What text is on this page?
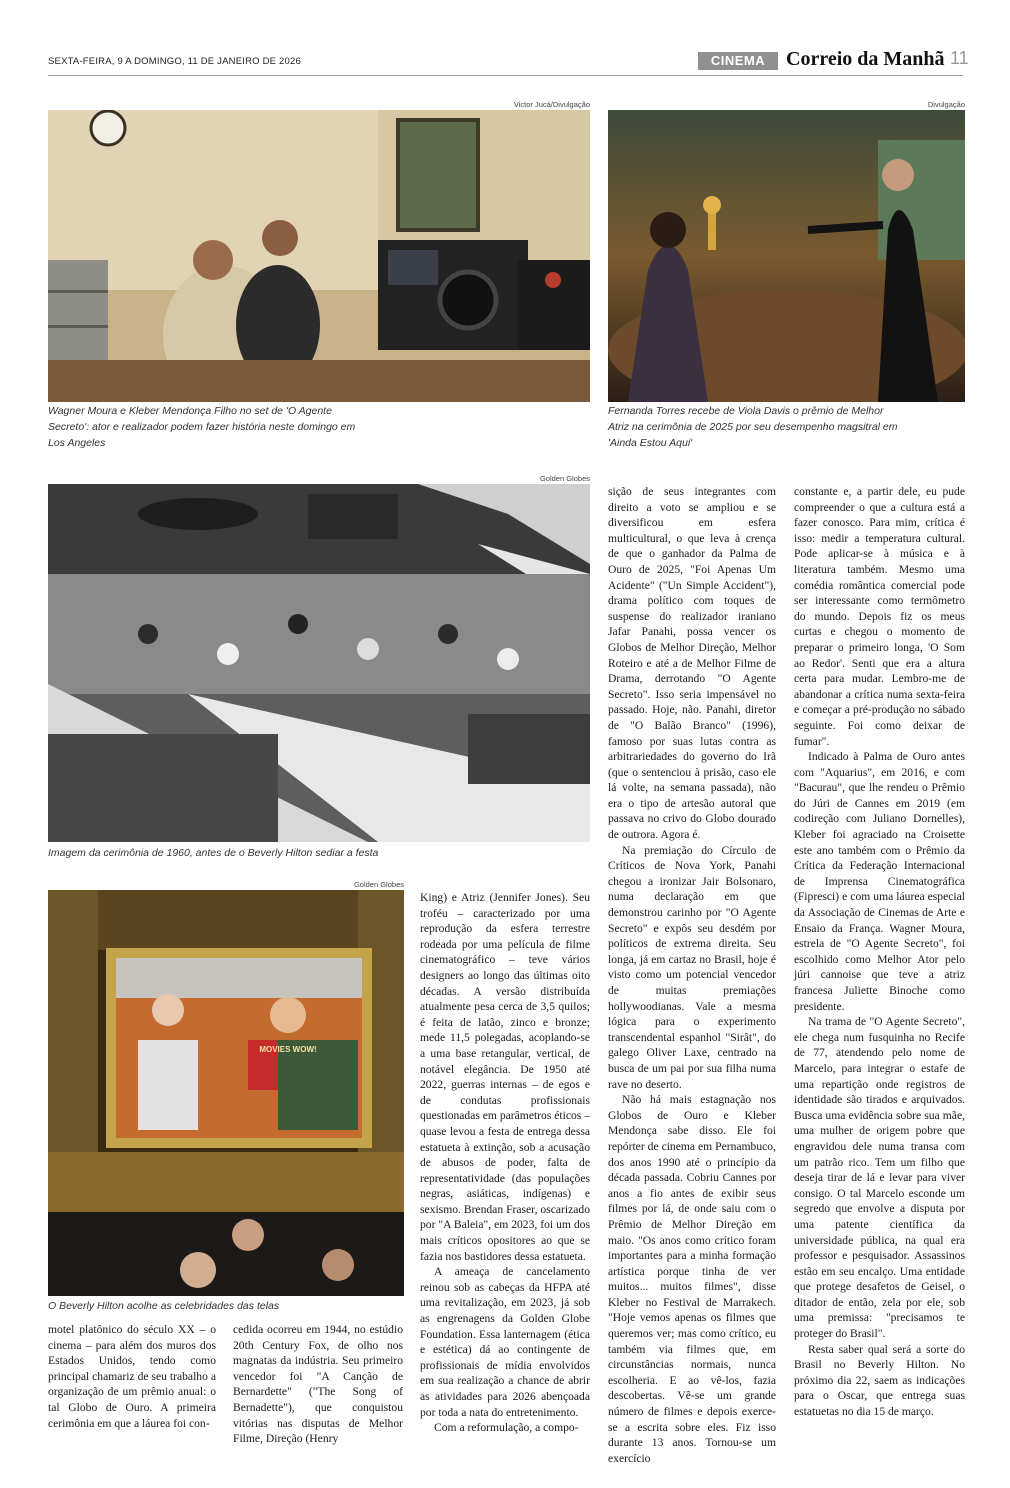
SEXTA-FEIRA, 9 A DOMINGO, 11 DE JANEIRO DE 2026	CINEMA	Correio da Manhã 11
Victor Jucá/Divulgação
Wagner Moura e Kleber Mendonça Filho no set de 'O Agente Secreto': ator e realizador podem fazer história neste domingo em Los Angeles
Divulgação
Fernanda Torres recebe de Viola Davis o prêmio de Melhor Atriz na cerimônia de 2025 por seu desempenho magsitral em 'Ainda Estou Aqui'
Golden Globes
Imagem da cerimônia de 1960, antes de o Beverly Hilton sediar a festa
Golden Globes
MOVIES WOW!
O Beverly Hilton acolhe as celebridades das telas

motel platônico do século XX – o cinema – para além dos muros dos Estados Unidos, tendo como principal chamariz de seu trabalho a organização de um prêmio anual: o tal Globo de Ouro. A primeira cerimônia em que a láurea foi con-

cedida ocorreu em 1944, no estúdio 20th Century Fox, de olho nos magnatas da indústria. Seu primeiro vencedor foi "A Canção de Bernardette" ("The Song of Bernadette"), que conquistou vitórias nas disputas de Melhor Filme, Direção (Henry

King) e Atriz (Jennifer Jones). Seu troféu – caracterizado por uma reprodução da esfera terrestre rodeada por uma película de filme cinematográfico – teve vários designers ao longo das últimas oito décadas. A versão distribuída atualmente pesa cerca de 3,5 quilos; é feita de latão, zinco e bronze; mede 11,5 polegadas, acoplando-se a uma base retangular, vertical, de notável elegância. De 1950 até 2022, guerras internas – de egos e de condutas profissionais questionadas em parâmetros éticos – quase levou a festa de entrega dessa estatueta à extinção, sob a acusação de abusos de poder, falta de representatividade (das populações negras, asiáticas, indígenas) e sexismo. Brendan Fraser, oscarizado por "A Baleia", em 2023, foi um dos mais críticos opositores ao que se fazia nos bastidores dessa estatueta.

A ameaça de cancelamento reinou sob as cabeças da HFPA até uma revitalização, em 2023, já sob as engrenagens da Golden Globe Foundation. Essa lanternagem (ética e estética) dá ao contingente de profissionais de mídia envolvidos em sua realização a chance de abrir as atividades para 2026 abençoada por toda a nata do entretenimento.

Com a reformulação, a compo-

sição de seus integrantes com direito a voto se ampliou e se diversificou em esfera multicultural, o que leva à crença de que o ganhador da Palma de Ouro de 2025, "Foi Apenas Um Acidente" ("Un Simple Accident"), drama político com toques de suspense do realizador iraniano Jafar Panahi, possa vencer os Globos de Melhor Direção, Melhor Roteiro e até a de Melhor Filme de Drama, derrotando "O Agente Secreto". Isso seria impensável no passado. Hoje, não. Panahi, diretor de "O Balão Branco" (1996), famoso por suas lutas contra as arbitrariedades do governo do Irã (que o sentenciou à prisão, caso ele lá volte, na semana passada), não era o tipo de artesão autoral que passava no crivo do Globo dourado de outrora. Agora é.

Na premiação do Círculo de Críticos de Nova York, Panahi chegou a ironizar Jair Bolsonaro, numa declaração em que demonstrou carinho por "O Agente Secreto" e expôs seu desdém por políticos de extrema direita. Seu longa, já em cartaz no Brasil, hoje é visto como um potencial vencedor de muitas premiações hollywoodianas. Vale a mesma lógica para o experimento transcendental espanhol "Sirât", do galego Oliver Laxe, centrado na busca de um pai por sua filha numa rave no deserto.

Não há mais estagnação nos Globos de Ouro e Kleber Mendonça sabe disso. Ele foi repórter de cinema em Pernambuco, dos anos 1990 até o princípio da década passada. Cobriu Cannes por anos a fio antes de exibir seus filmes por lá, de onde saiu com o Prêmio de Melhor Direção em maio. "Os anos como crítico foram importantes para a minha formação artística porque tinha de ver muitos... muitos filmes", disse Kleber no Festival de Marrakech. "Hoje vemos apenas os filmes que queremos ver; mas como crítico, eu também via filmes que, em circunstâncias normais, nunca escolheria. E ao vê-los, fazia descobertas. Vê-se um grande número de filmes e depois exerce-se a escrita sobre eles. Fiz isso durante 13 anos. Tornou-se um exercício

constante e, a partir dele, eu pude compreender o que a cultura está a fazer conosco. Para mim, crítica é isso: medir a temperatura cultural. Pode aplicar-se à música e à literatura também. Mesmo uma comédia romântica comercial pode ser interessante como termômetro do mundo. Depois fiz os meus curtas e chegou o momento de preparar o primeiro longa, 'O Som ao Redor'. Senti que era a altura certa para mudar. Lembro-me de abandonar a crítica numa sexta-feira e começar a pré-produção no sábado seguinte. Foi como deixar de fumar".

Indicado à Palma de Ouro antes com "Aquarius", em 2016, e com "Bacurau", que lhe rendeu o Prêmio do Júri de Cannes em 2019 (em codireção com Juliano Dornelles), Kleber foi agraciado na Croisette este ano também com o Prêmio da Crítica da Federação Internacional de Imprensa Cinematográfica (Fipresci) e com uma láurea especial da Associação de Cinemas de Arte e Ensaio da França. Wagner Moura, estrela de "O Agente Secreto", foi escolhido como Melhor Ator pelo júri cannoise que teve a atriz francesa Juliette Binoche como presidente.

Na trama de "O Agente Secreto", ele chega num fusquinha no Recife de 77, atendendo pelo nome de Marcelo, para integrar o estafe de uma repartição onde registros de identidade são tirados e arquivados. Busca uma evidência sobre sua mãe, uma mulher de origem pobre que engravidou dele numa transa com um patrão rico. Tem um filho que deseja tirar de lá e levar para viver consigo. O tal Marcelo esconde um segredo que envolve a disputa por uma patente científica da universidade pública, na qual era professor e pesquisador. Assassinos estão em seu encalço. Uma entidade que protege desafetos de Geisel, o ditador de então, zela por ele, sob uma premissa: "precisamos te proteger do Brasil".

Resta saber qual será a sorte do Brasil no Beverly Hilton. No próximo dia 22, saem as indicações para o Oscar, que entrega suas estatuetas no dia 15 de março.
